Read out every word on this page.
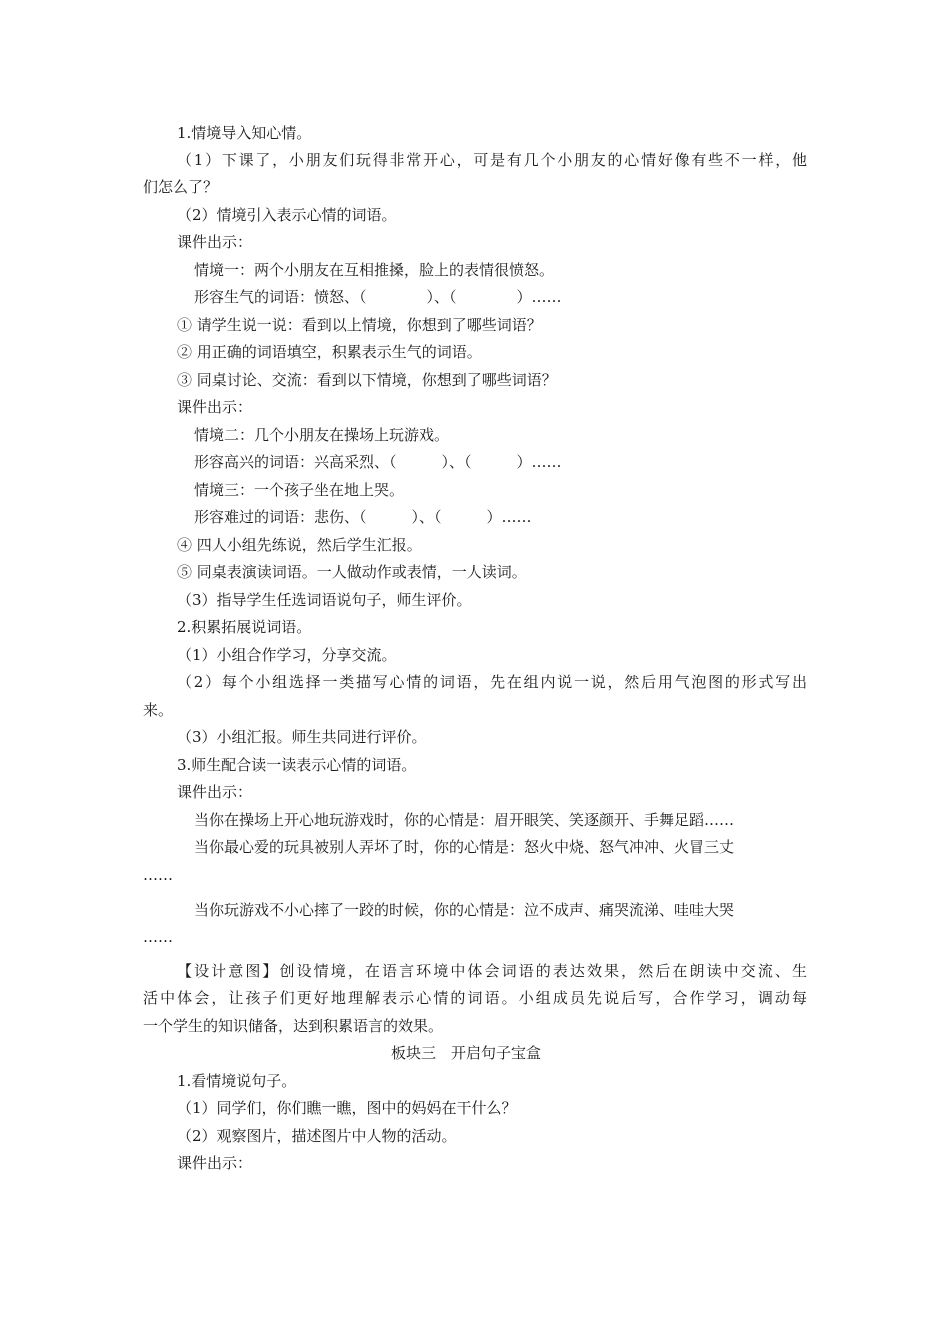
1.情境导入知心情。
（1）下课了，小朋友们玩得非常开心，可是有几个小朋友的心情好像有些不一样，他
们怎么了？
（2）情境引入表示心情的词语。
课件出示：
情境一：两个小朋友在互相推搡，脸上的表情很愤怒。
形容生气的词语：愤怒、（　　　　）、（　　　　）……
① 请学生说一说：看到以上情境，你想到了哪些词语？
② 用正确的词语填空，积累表示生气的词语。
③ 同桌讨论、交流：看到以下情境，你想到了哪些词语？
课件出示：
情境二：几个小朋友在操场上玩游戏。
形容高兴的词语：兴高采烈、（　　　）、（　　　）……
情境三：一个孩子坐在地上哭。
形容难过的词语：悲伤、（　　　）、（　　　）……
④ 四人小组先练说，然后学生汇报。
⑤ 同桌表演读词语。一人做动作或表情，一人读词。
（3）指导学生任选词语说句子，师生评价。
2.积累拓展说词语。
（1）小组合作学习，分享交流。
（2）每个小组选择一类描写心情的词语，先在组内说一说，然后用气泡图的形式写出
来。
（3）小组汇报。师生共同进行评价。
3.师生配合读一读表示心情的词语。
课件出示：
当你在操场上开心地玩游戏时，你的心情是：眉开眼笑、笑逐颜开、手舞足蹈……
当你最心爱的玩具被别人弄坏了时，你的心情是：怒火中烧、怒气冲冲、火冒三丈
……
当你玩游戏不小心摔了一跤的时候，你的心情是：泣不成声、痛哭流涕、哇哇大哭
……
【设计意图】创设情境，在语言环境中体会词语的表达效果，然后在朗读中交流、生
活中体会，让孩子们更好地理解表示心情的词语。小组成员先说后写，合作学习，调动每
一个学生的知识储备，达到积累语言的效果。
板块三　开启句子宝盒
1.看情境说句子。
（1）同学们，你们瞧一瞧，图中的妈妈在干什么？
（2）观察图片，描述图片中人物的活动。
课件出示：
